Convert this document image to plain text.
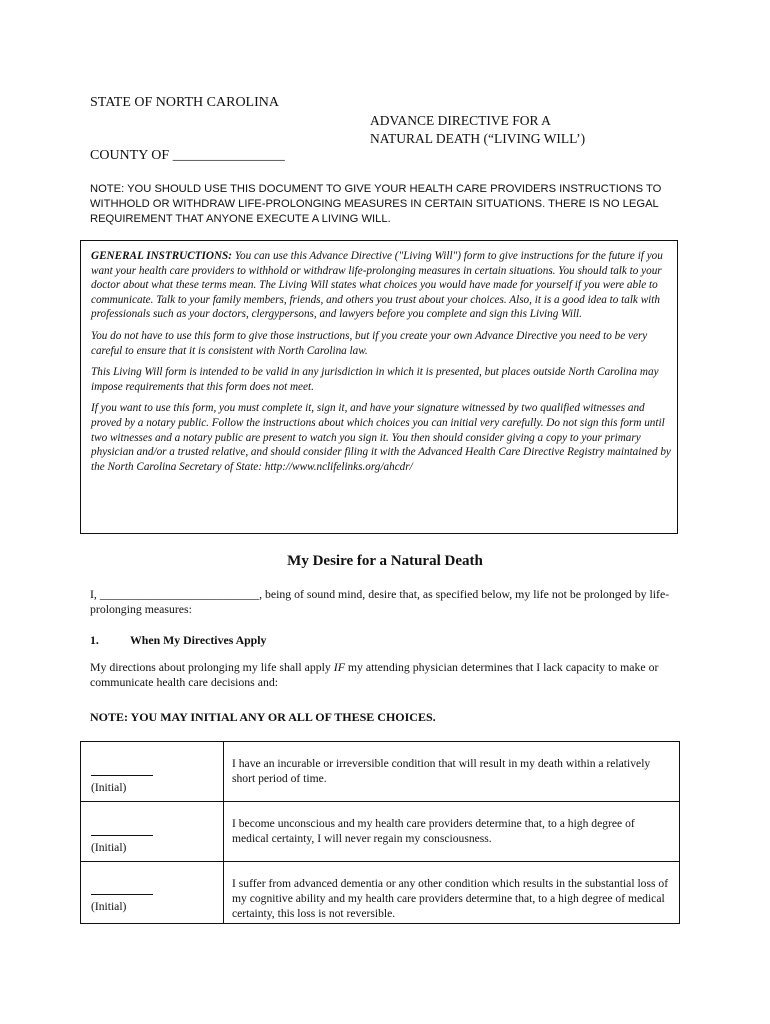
STATE OF NORTH CAROLINA
ADVANCE DIRECTIVE FOR A
NATURAL DEATH (“LIVING WILL’)
COUNTY OF ________________
NOTE: YOU SHOULD USE THIS DOCUMENT TO GIVE YOUR HEALTH CARE PROVIDERS INSTRUCTIONS TO WITHHOLD OR WITHDRAW LIFE-PROLONGING MEASURES IN CERTAIN SITUATIONS. THERE IS NO LEGAL REQUIREMENT THAT ANYONE EXECUTE A LIVING WILL.

GENERAL INSTRUCTIONS: You can use this Advance Directive ("Living Will") form to give instructions for the future if you want your health care providers to withhold or withdraw life-prolonging measures in certain situations. You should talk to your doctor about what these terms mean. The Living Will states what choices you would have made for yourself if you were able to communicate. Talk to your family members, friends, and others you trust about your choices. Also, it is a good idea to talk with professionals such as your doctors, clergypersons, and lawyers before you complete and sign this Living Will.

You do not have to use this form to give those instructions, but if you create your own Advance Directive you need to be very careful to ensure that it is consistent with North Carolina law.

This Living Will form is intended to be valid in any jurisdiction in which it is presented, but places outside North Carolina may impose requirements that this form does not meet.

If you want to use this form, you must complete it, sign it, and have your signature witnessed by two qualified witnesses and proved by a notary public. Follow the instructions about which choices you can initial very carefully. Do not sign this form until two witnesses and a notary public are present to watch you sign it. You then should consider giving a copy to your primary physician and/or a trusted relative, and should consider filing it with the Advanced Health Care Directive Registry maintained by the North Carolina Secretary of State: http://www.nclifelinks.org/ahcdr/

My Desire for a Natural Death
I, ___________________________, being of sound mind, desire that, as specified below, my life not be prolonged by life-prolonging measures:
1.	When My Directives Apply
My directions about prolonging my life shall apply IF my attending physician determines that I lack capacity to make or communicate health care decisions and:
NOTE: YOU MAY INITIAL ANY OR ALL OF THESE CHOICES.
(Initial)	I have an incurable or irreversible condition that will result in my death within a relatively short period of time.

(Initial)	I become unconscious and my health care providers determine that, to a high degree of medical certainty, I will never regain my consciousness.

(Initial)	I suffer from advanced dementia or any other condition which results in the substantial loss of my cognitive ability and my health care providers determine that, to a high degree of medical certainty, this loss is not reversible.
